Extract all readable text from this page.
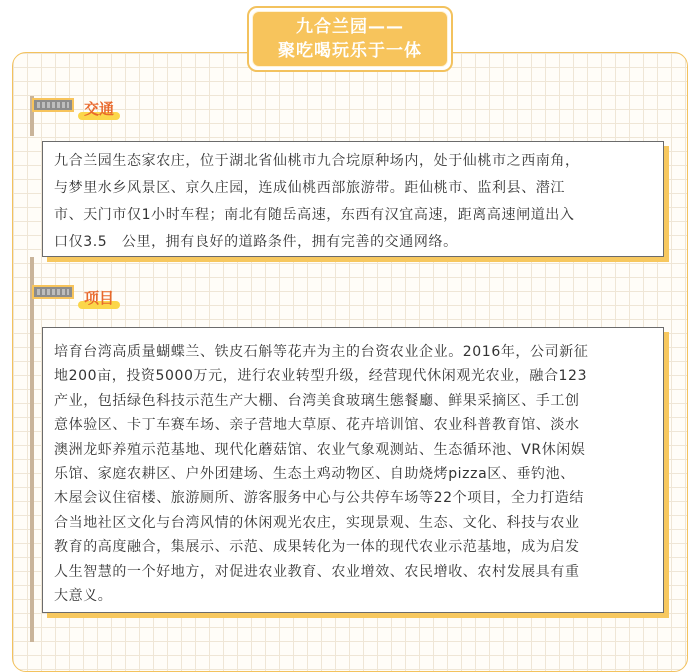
九合兰园——
聚吃喝玩乐于一体
交通
九合兰园生态家农庄，位于湖北省仙桃市九合垸原种场内，处于仙桃市之西南角，
与梦里水乡风景区、京久庄园，连成仙桃西部旅游带。距仙桃市、监利县、潜江
市、天门市仅1小时车程；南北有随岳高速，东西有汉宜高速，距离高速闸道出入
口仅3.5　公里，拥有良好的道路条件，拥有完善的交通网络。
项目
培育台湾高质量蝴蝶兰、铁皮石斛等花卉为主的台资农业企业。2016年，公司新征
地200亩，投资5000万元，进行农业转型升级，经营现代休闲观光农业，融合123
产业，包括绿色科技示范生产大棚、台湾美食玻璃生態餐廳、鲜果采摘区、手工创
意体验区、卡丁车赛车场、亲子营地大草原、花卉培训馆、农业科普教育馆、淡水
澳洲龙虾养殖示范基地、现代化蘑菇馆、农业气象观测站、生态循环池、VR休闲娱
乐馆、家庭农耕区、户外团建场、生态土鸡动物区、自助烧烤pizza区、垂钓池、
木屋会议住宿楼、旅游厕所、游客服务中心与公共停车场等22个项目，全力打造结
合当地社区文化与台湾风情的休闲观光农庄，实现景观、生态、文化、科技与农业
教育的高度融合，集展示、示范、成果转化为一体的现代农业示范基地，成为启发
人生智慧的一个好地方，对促进农业教育、农业增效、农民增收、农村发展具有重
大意义。
